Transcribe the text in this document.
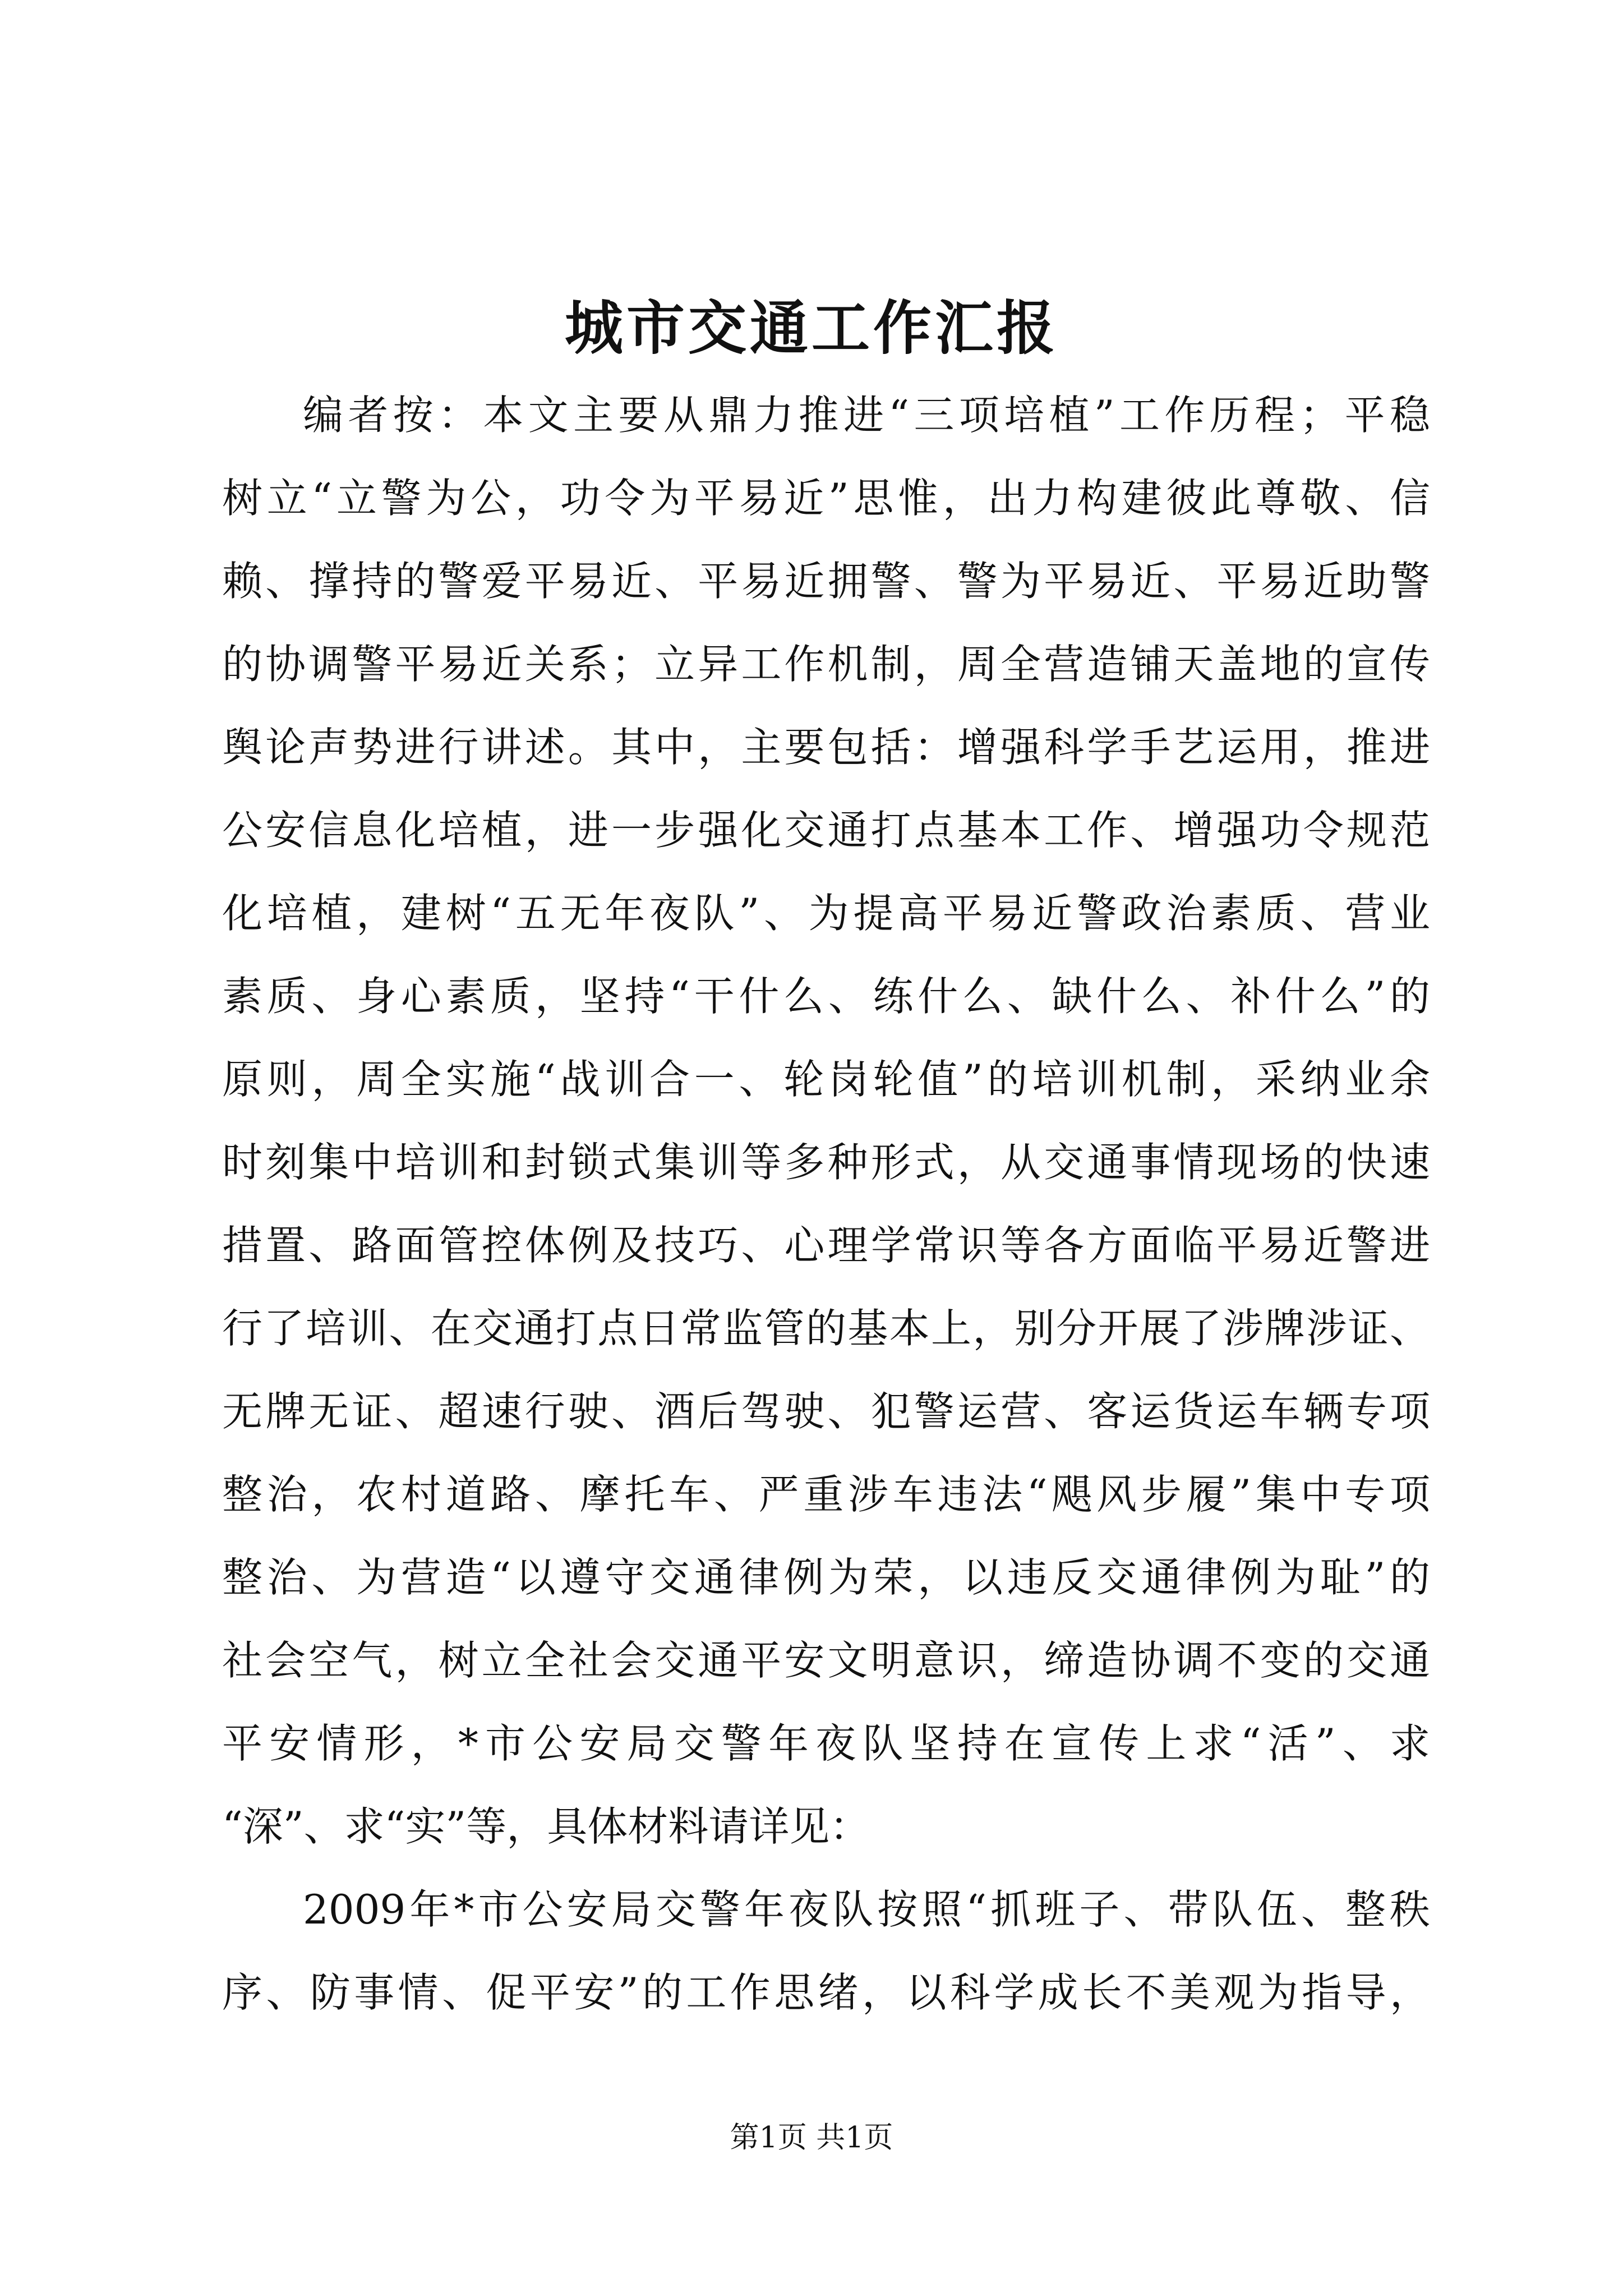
城市交通工作汇报

编者按：本文主要从鼎力推进“三项培植”工作历程；平稳

树立“立警为公，功令为平易近”思惟，出力构建彼此尊敬、信

赖、撑持的警爱平易近、平易近拥警、警为平易近、平易近助警

的协调警平易近关系；立异工作机制，周全营造铺天盖地的宣传

舆论声势进行讲述。其中，主要包括：增强科学手艺运用，推进

公安信息化培植，进一步强化交通打点基本工作、增强功令规范

化培植，建树“五无年夜队”、为提高平易近警政治素质、营业

素质、身心素质，坚持“干什么、练什么、缺什么、补什么”的

原则，周全实施“战训合一、轮岗轮值”的培训机制，采纳业余

时刻集中培训和封锁式集训等多种形式，从交通事情现场的快速

措置、路面管控体例及技巧、心理学常识等各方面临平易近警进

行了培训、在交通打点日常监管的基本上，别分开展了涉牌涉证、

无牌无证、超速行驶、酒后驾驶、犯警运营、客运货运车辆专项

整治，农村道路、摩托车、严重涉车违法“飓风步履”集中专项

整治、为营造“以遵守交通律例为荣，以违反交通律例为耻”的

社会空气，树立全社会交通平安文明意识，缔造协调不变的交通

平安情形，*市公安局交警年夜队坚持在宣传上求“活”、求

“深”、求“实”等，具体材料请详见：

2009年*市公安局交警年夜队按照“抓班子、带队伍、整秩

序、防事情、促平安”的工作思绪，以科学成长不美观为指导，

第1页 共1页
